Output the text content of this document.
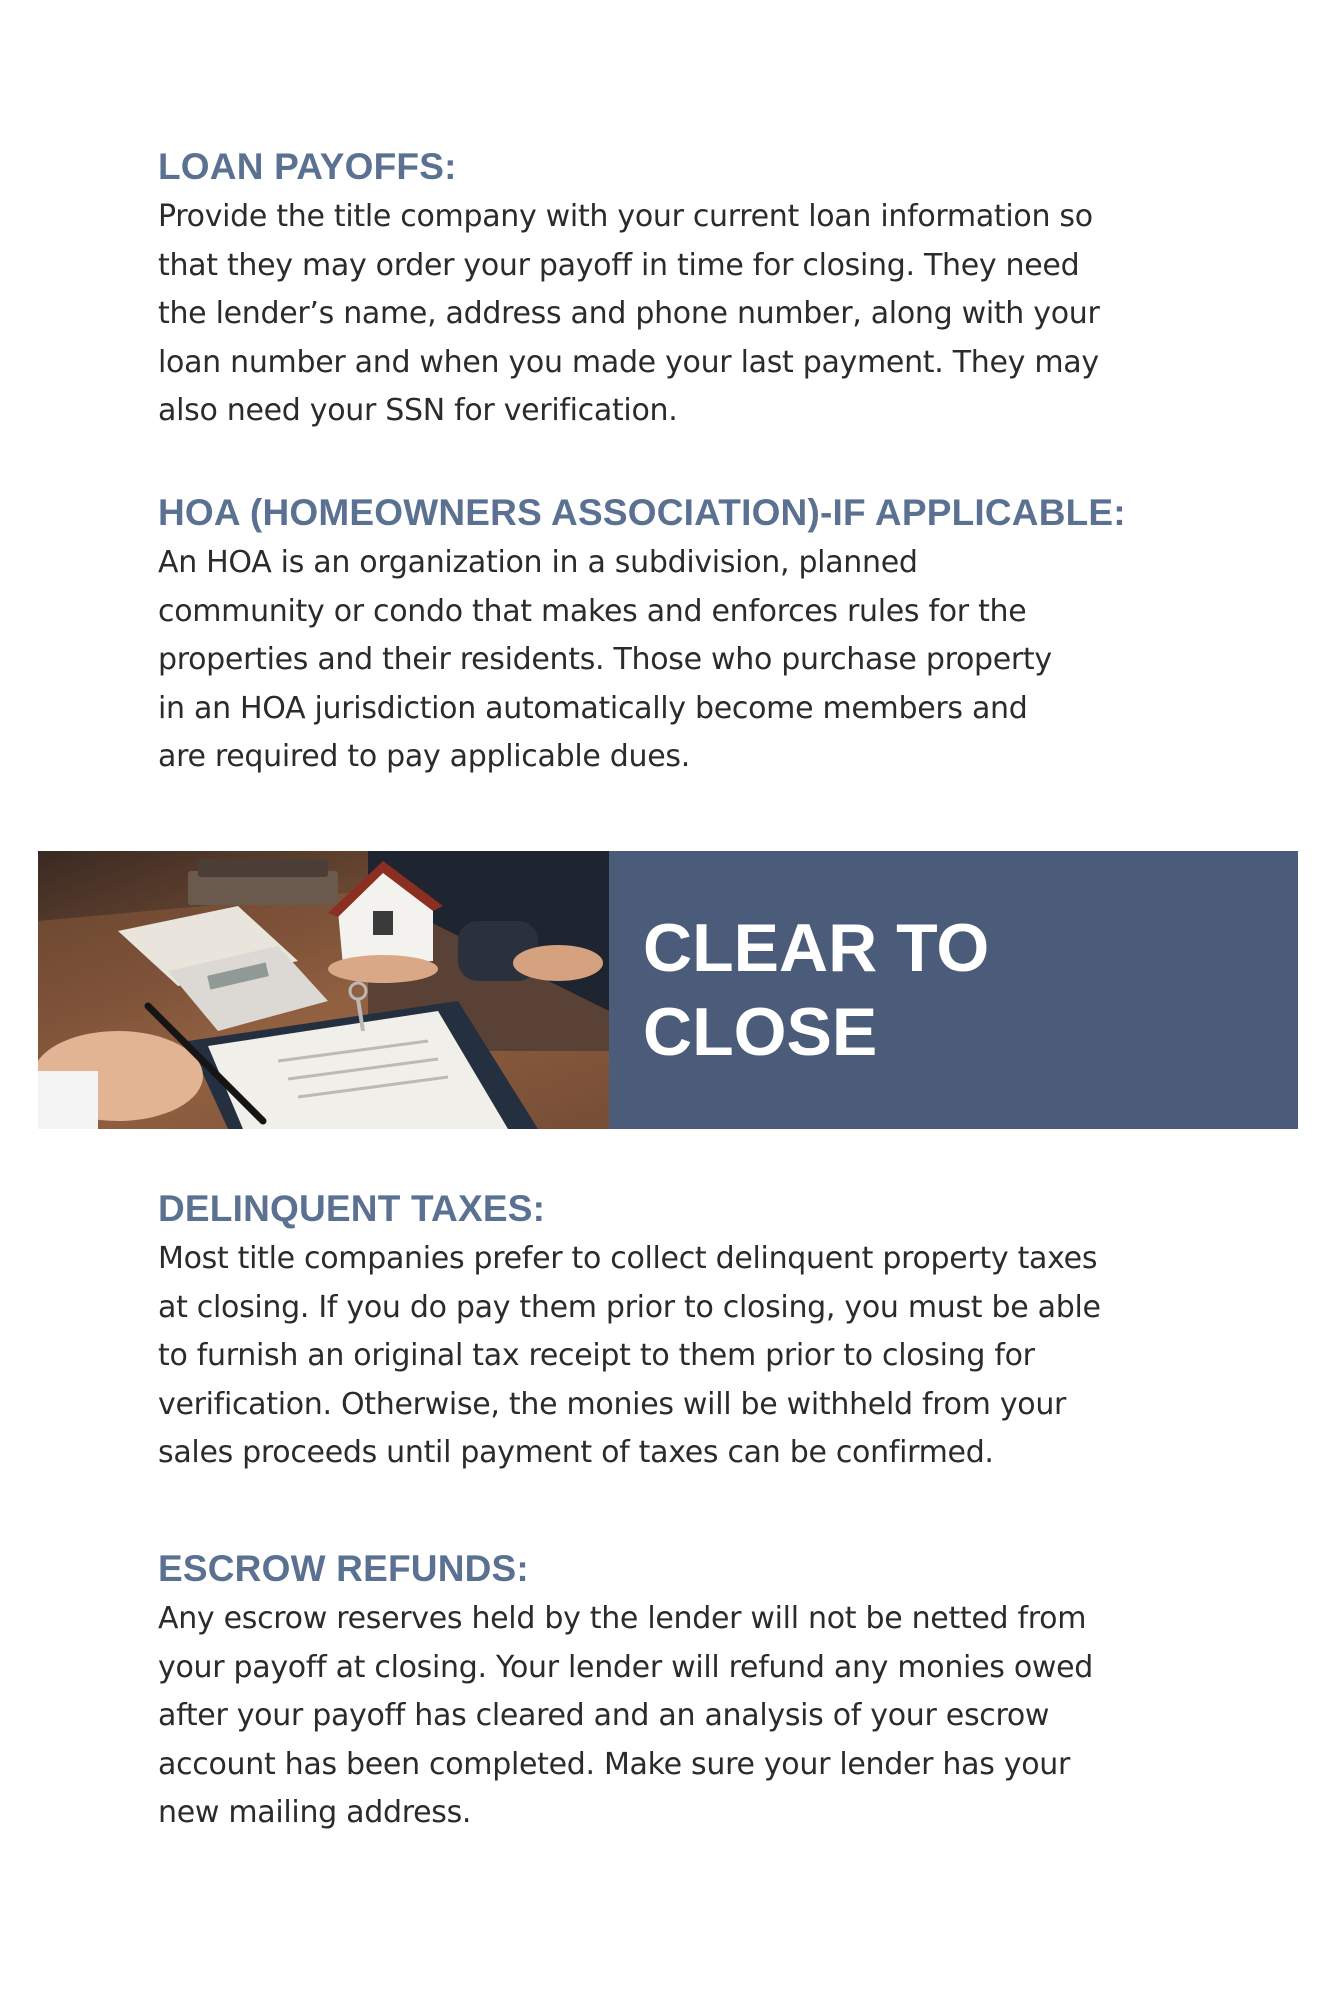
LOAN PAYOFFS:
Provide the title company with your current loan information so
that they may order your payoff in time for closing. They need
the lender’s name, address and phone number, along with your
loan number and when you made your last payment. They may
also need your SSN for verification.
HOA (HOMEOWNERS ASSOCIATION)-IF APPLICABLE:
An HOA is an organization in a subdivision, planned
community or condo that makes and enforces rules for the
properties and their residents. Those who purchase property
in an HOA jurisdiction automatically become members and
are required to pay applicable dues.
CLEAR TO CLOSE
DELINQUENT TAXES:
Most title companies prefer to collect delinquent property taxes
at closing. If you do pay them prior to closing, you must be able
to furnish an original tax receipt to them prior to closing for
verification. Otherwise, the monies will be withheld from your
sales proceeds until payment of taxes can be confirmed.
ESCROW REFUNDS:
Any escrow reserves held by the lender will not be netted from
your payoff at closing. Your lender will refund any monies owed
after your payoff has cleared and an analysis of your escrow
account has been completed. Make sure your lender has your
new mailing address.
